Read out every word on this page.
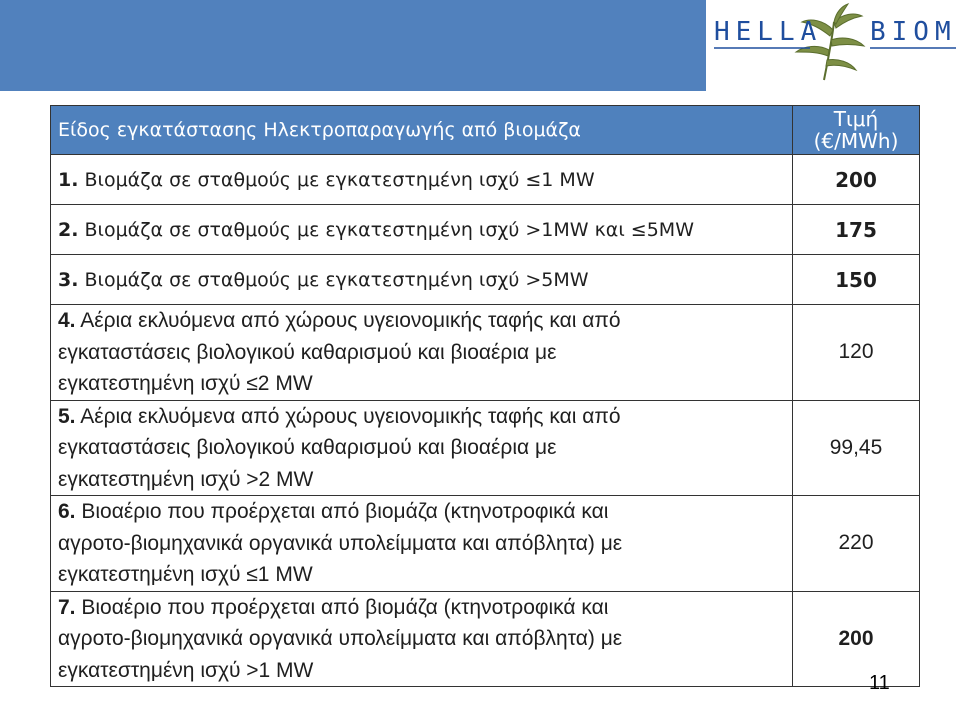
HELLA BIOM
Είδος εγκατάστασης Ηλεκτροπαραγωγής από βιομάζα	Τιμή
(€/MWh)

1. Βιομάζα σε σταθμούς με εγκατεστημένη ισχύ ≤1 MW	200
2. Βιομάζα σε σταθμούς με εγκατεστημένη ισχύ >1MW και ≤5MW	175
3. Βιομάζα σε σταθμούς με εγκατεστημένη ισχύ >5MW	150

4. Αέρια εκλυόμενα από χώρους υγειονομικής ταφής και από
εγκαταστάσεις βιολογικού καθαρισμού και βιοαέρια με
εγκατεστημένη ισχύ ≤2 MW	120

5. Αέρια εκλυόμενα από χώρους υγειονομικής ταφής και από
εγκαταστάσεις βιολογικού καθαρισμού και βιοαέρια με
εγκατεστημένη ισχύ >2 MW	99,45

6. Βιοαέριο που προέρχεται από βιομάζα (κτηνοτροφικά και
αγροτο-βιομηχανικά οργανικά υπολείμματα και απόβλητα) με
εγκατεστημένη ισχύ ≤1 MW	220

7. Βιοαέριο που προέρχεται από βιομάζα (κτηνοτροφικά και
αγροτο-βιομηχανικά οργανικά υπολείμματα και απόβλητα) με
εγκατεστημένη ισχύ >1 MW	200
11
